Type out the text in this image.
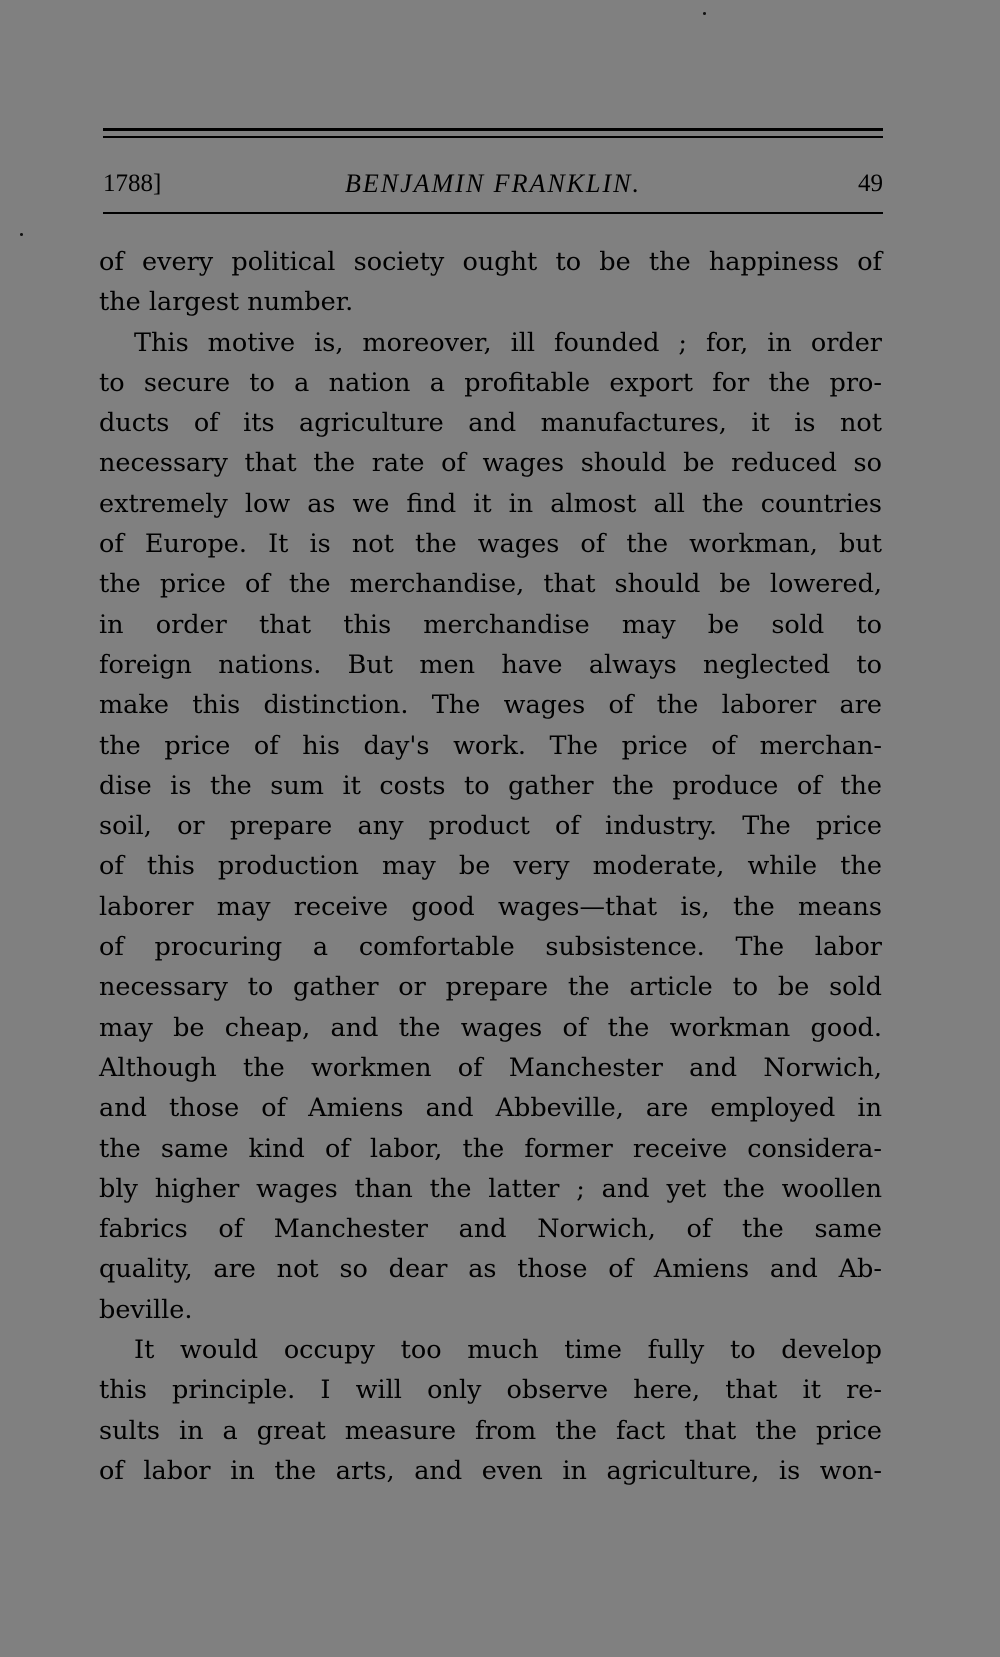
1788]	BENJAMIN FRANKLIN.	49
of every political society ought to be the happiness of
the largest number.
This motive is, moreover, ill founded ; for, in order
to secure to a nation a profitable export for the pro-
ducts of its agriculture and manufactures, it is not
necessary that the rate of wages should be reduced so
extremely low as we find it in almost all the countries
of Europe. It is not the wages of the workman, but
the price of the merchandise, that should be lowered,
in order that this merchandise may be sold to
foreign nations. But men have always neglected to
make this distinction. The wages of the laborer are
the price of his day's work. The price of merchan-
dise is the sum it costs to gather the produce of the
soil, or prepare any product of industry. The price
of this production may be very moderate, while the
laborer may receive good wages—that is, the means
of procuring a comfortable subsistence. The labor
necessary to gather or prepare the article to be sold
may be cheap, and the wages of the workman good.
Although the workmen of Manchester and Norwich,
and those of Amiens and Abbeville, are employed in
the same kind of labor, the former receive considera-
bly higher wages than the latter ; and yet the woollen
fabrics of Manchester and Norwich, of the same
quality, are not so dear as those of Amiens and Ab-
beville.
It would occupy too much time fully to develop
this principle. I will only observe here, that it re-
sults in a great measure from the fact that the price
of labor in the arts, and even in agriculture, is won-
